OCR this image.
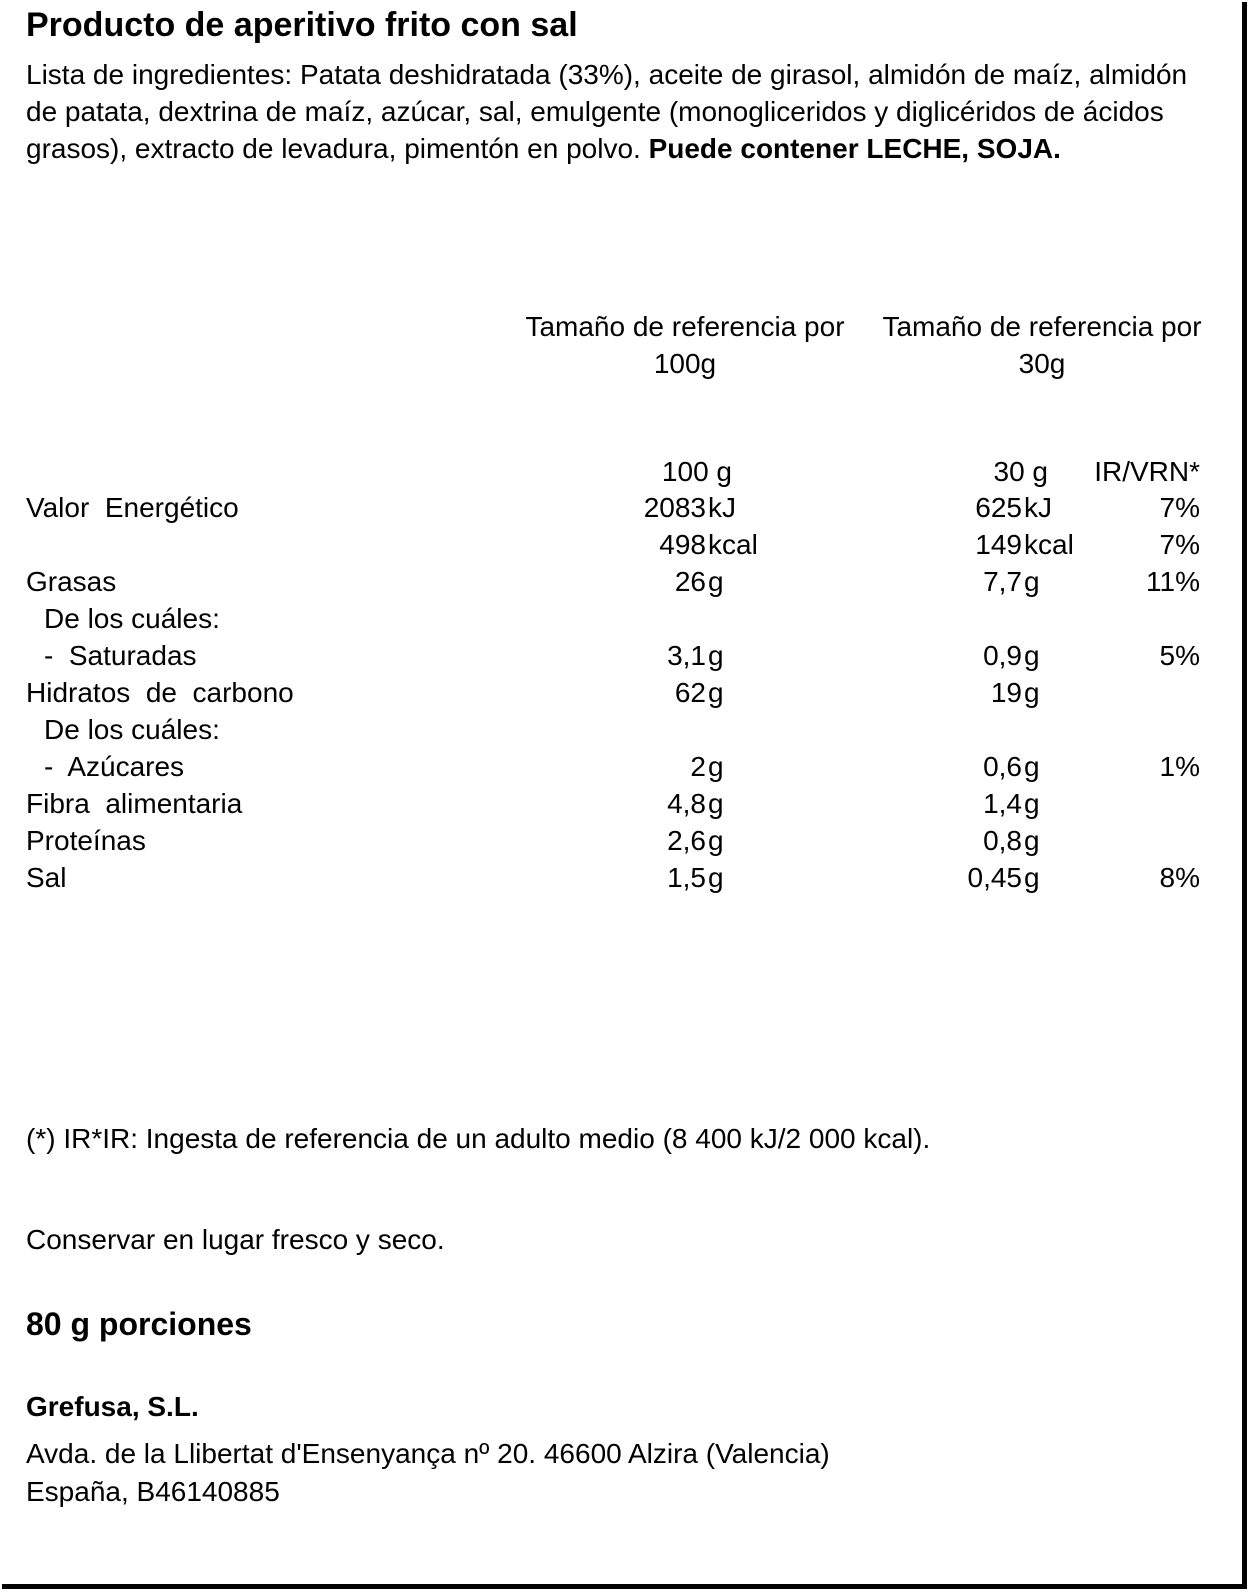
Producto de aperitivo frito con sal
Lista de ingredientes: Patata deshidratada (33%), aceite de girasol, almidón de maíz, almidón de patata, dextrina de maíz, azúcar, sal, emulgente (monogliceridos y diglicéridos de ácidos grasos), extracto de levadura, pimentón en polvo. Puede contener LECHE, SOJA.
Tamaño de referencia por
100g
Tamaño de referencia por
30g
100 g	30 g	IR/VRN*
Valor  Energético	2083 kJ	625 kJ	7%
498 kcal	149 kcal	7%
Grasas	26 g	7,7 g	11%
De los cuáles:
-  Saturadas	3,1 g	0,9 g	5%
Hidratos  de  carbono	62 g	19 g
De los cuáles:
-  Azúcares	2 g	0,6 g	1%
Fibra  alimentaria	4,8 g	1,4 g
Proteínas	2,6 g	0,8 g
Sal	1,5 g	0,45 g	8%
(*) IR*IR: Ingesta de referencia de un adulto medio (8 400 kJ/2 000 kcal).
Conservar en lugar fresco y seco.
80 g porciones
Grefusa, S.L.
Avda. de la Llibertat d'Ensenyança nº 20. 46600 Alzira (Valencia)
España, B46140885
